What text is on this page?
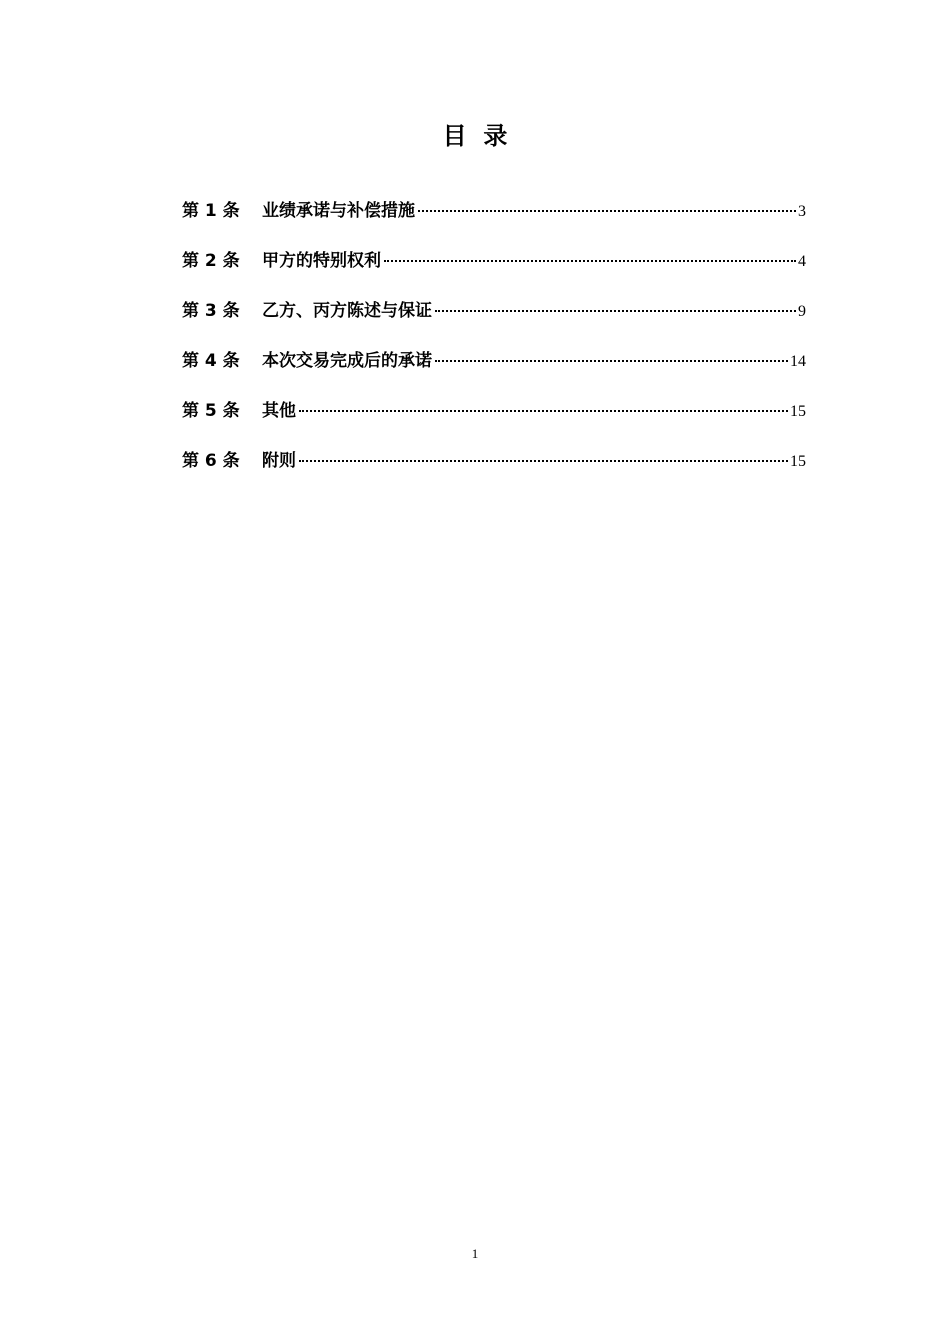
目  录
第 1 条	业绩承诺与补偿措施	3
第 2 条	甲方的特别权利	4
第 3 条	乙方、丙方陈述与保证	9
第 4 条	本次交易完成后的承诺	14
第 5 条	其他	15
第 6 条	附则	15
1
